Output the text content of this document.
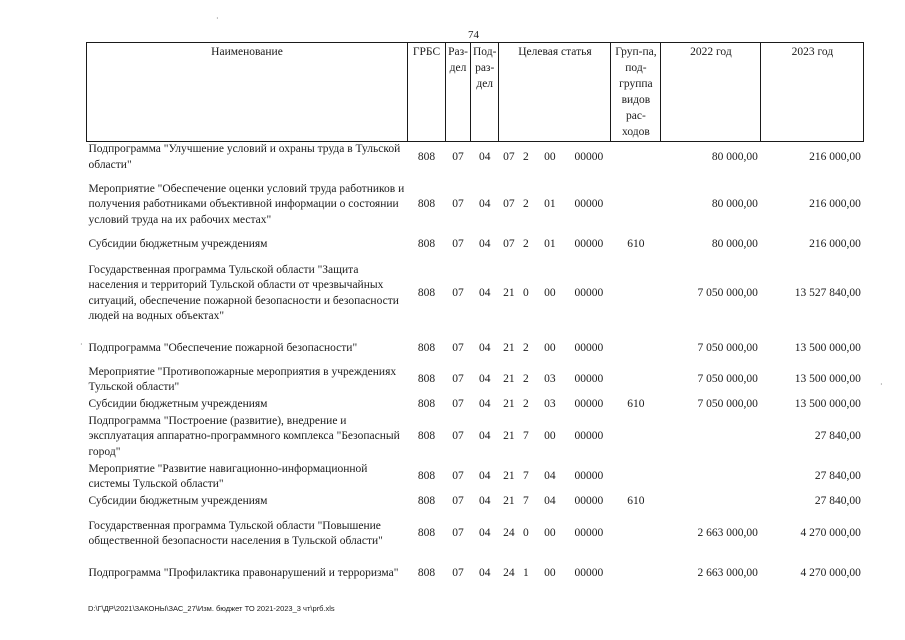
74
·
·
·
Наименование	ГРБС	Раз-дел	Под-раз-дел	Целевая статья				Груп-па, под-группа видов рас-ходов	2022 год	2023 год
Подпрограмма "Улучшение условий и охраны труда в Тульской области"	808	07	04	07	2	00	00000		80 000,00	216 000,00
Мероприятие "Обеспечение оценки условий труда работников и получения работниками объективной информации о состоянии условий труда на их рабочих местах"	808	07	04	07	2	01	00000		80 000,00	216 000,00
Субсидии бюджетным учреждениям	808	07	04	07	2	01	00000	610	80 000,00	216 000,00
Государственная программа Тульской области "Защита населения и территорий Тульской области от чрезвычайных ситуаций, обеспечение пожарной безопасности и безопасности людей на водных объектах"	808	07	04	21	0	00	00000		7 050 000,00	13 527 840,00
Подпрограмма "Обеспечение пожарной безопасности"	808	07	04	21	2	00	00000		7 050 000,00	13 500 000,00
Мероприятие "Противопожарные мероприятия в учреждениях Тульской области"	808	07	04	21	2	03	00000		7 050 000,00	13 500 000,00
Субсидии бюджетным учреждениям	808	07	04	21	2	03	00000	610	7 050 000,00	13 500 000,00
Подпрограмма "Построение (развитие), внедрение и эксплуатация аппаратно-программного комплекса "Безопасный город"	808	07	04	21	7	00	00000			27 840,00
Мероприятие "Развитие навигационно-информационной системы Тульской области"	808	07	04	21	7	04	00000			27 840,00
Субсидии бюджетным учреждениям	808	07	04	21	7	04	00000	610		27 840,00
Государственная программа Тульской области "Повышение общественной безопасности населения в Тульской области"	808	07	04	24	0	00	00000		2 663 000,00	4 270 000,00
Подпрограмма "Профилактика правонарушений и терроризма"	808	07	04	24	1	00	00000		2 663 000,00	4 270 000,00
D:\Г\ДР\2021\ЗАКОНЫ\ЗАС_27\Изм. бюджет ТО 2021-2023_3 чт\рrб.xls
